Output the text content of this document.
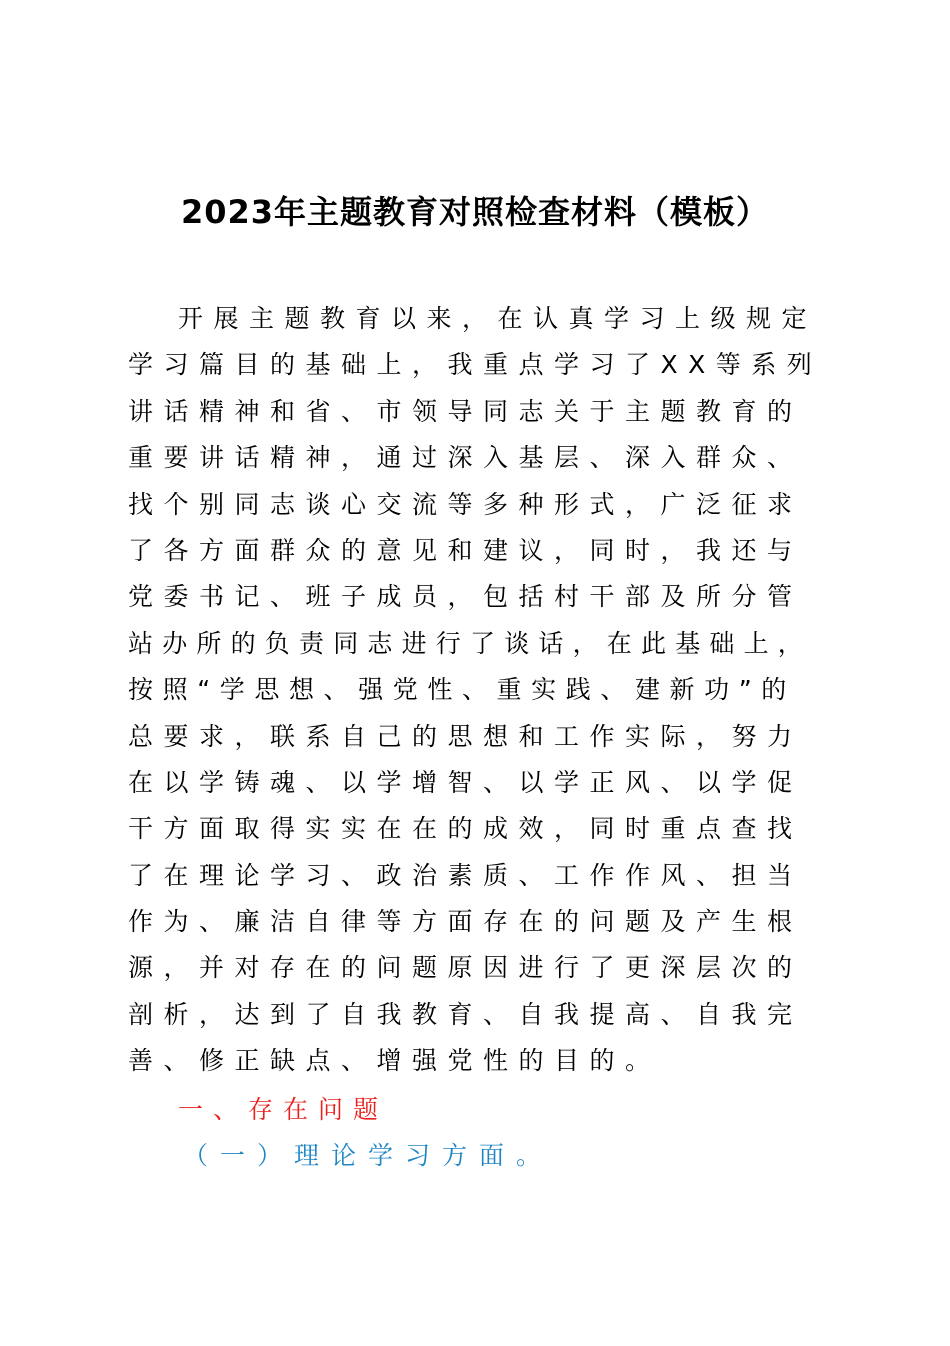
2023年主题教育对照检查材料（模板）
开展主题教育以来，在认真学习上级规定
学习篇目的基础上，我重点学习了XX等系列
讲话精神和省、市领导同志关于主题教育的
重要讲话精神，通过深入基层、深入群众、
找个别同志谈心交流等多种形式，广泛征求
了各方面群众的意见和建议，同时，我还与
党委书记、班子成员，包括村干部及所分管
站办所的负责同志进行了谈话，在此基础上，
按照“学思想、强党性、重实践、建新功”的
总要求，联系自己的思想和工作实际，努力
在以学铸魂、以学增智、以学正风、以学促
干方面取得实实在在的成效，同时重点查找
了在理论学习、政治素质、工作作风、担当
作为、廉洁自律等方面存在的问题及产生根
源，并对存在的问题原因进行了更深层次的
剖析，达到了自我教育、自我提高、自我完
善、修正缺点、增强党性的目的。
一、存在问题
（一）理论学习方面。
